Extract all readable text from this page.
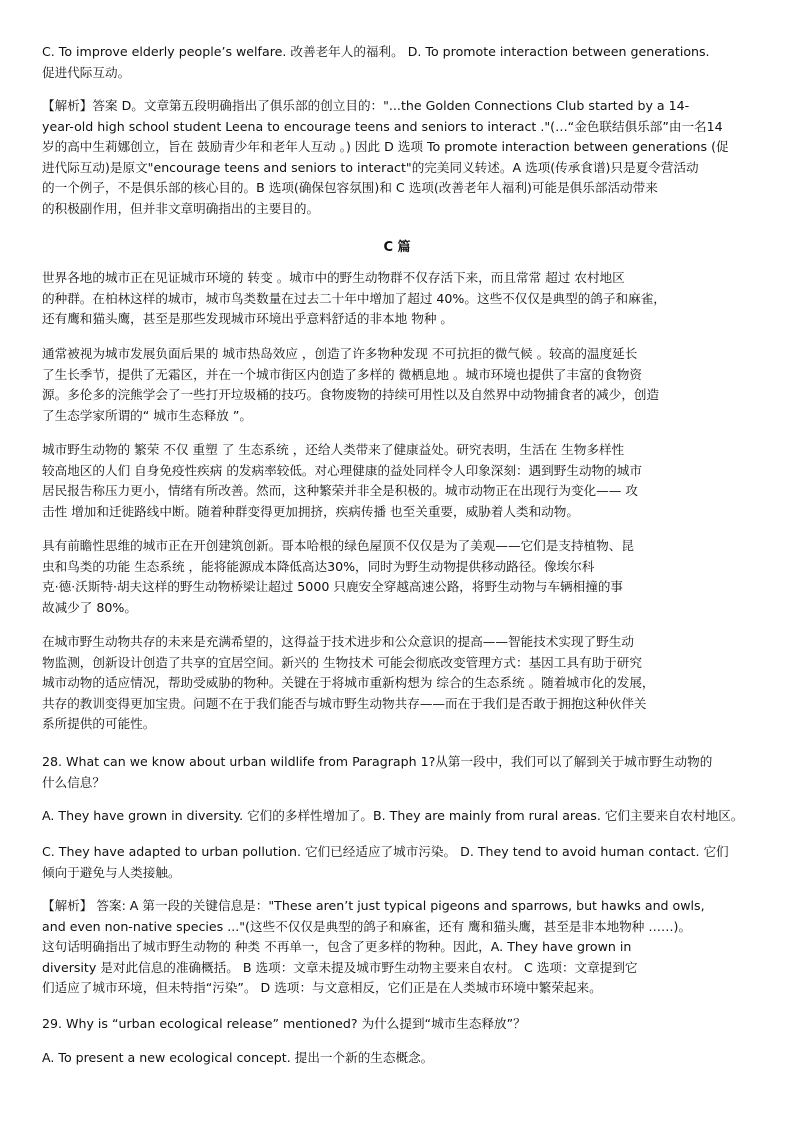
C. To improve elderly people’s welfare. 改善老年人的福利。 D. To promote interaction between generations.
促进代际互动。
【解析】答案 D。文章第五段明确指出了俱乐部的创立目的："...the Golden Connections Club started by a 14-
year-old high school student Leena to encourage teens and seniors to interact ."(…“金色联结俱乐部”由一名14
岁的高中生莉娜创立，旨在 鼓励青少年和老年人互动 。) 因此 D 选项 To promote interaction between generations (促
进代际互动)是原文"encourage teens and seniors to interact"的完美同义转述。A 选项(传承食谱)只是夏令营活动
的一个例子，不是俱乐部的核心目的。B 选项(确保包容氛围)和 C 选项(改善老年人福利)可能是俱乐部活动带来
的积极副作用，但并非文章明确指出的主要目的。
C 篇
世界各地的城市正在见证城市环境的 转变 。城市中的野生动物群不仅存活下来，而且常常 超过 农村地区
的种群。在柏林这样的城市，城市鸟类数量在过去二十年中增加了超过 40%。这些不仅仅是典型的鸽子和麻雀，
还有鹰和猫头鹰，甚至是那些发现城市环境出乎意料舒适的非本地 物种 。
通常被视为城市发展负面后果的 城市热岛效应 ，创造了许多物种发现 不可抗拒的微气候 。较高的温度延长
了生长季节，提供了无霜区，并在一个城市街区内创造了多样的 微栖息地 。城市环境也提供了丰富的食物资
源。多伦多的浣熊学会了一些打开垃圾桶的技巧。食物废物的持续可用性以及自然界中动物捕食者的减少，创造
了生态学家所谓的“ 城市生态释放 ”。
城市野生动物的 繁荣 不仅 重塑 了 生态系统 ，还给人类带来了健康益处。研究表明，生活在 生物多样性
较高地区的人们 自身免疫性疾病 的发病率较低。对心理健康的益处同样令人印象深刻：遇到野生动物的城市
居民报告称压力更小，情绪有所改善。然而，这种繁荣并非全是积极的。城市动物正在出现行为变化—— 攻
击性 增加和迁徙路线中断。随着种群变得更加拥挤，疾病传播 也至关重要，威胁着人类和动物。
具有前瞻性思维的城市正在开创建筑创新。哥本哈根的绿色屋顶不仅仅是为了美观——它们是支持植物、昆
虫和鸟类的功能 生态系统 ，能将能源成本降低高达30%，同时为野生动物提供移动路径。像埃尔科
克·德·沃斯特·胡夫这样的野生动物桥梁让超过 5000 只鹿安全穿越高速公路，将野生动物与车辆相撞的事
故减少了 80%。
在城市野生动物共存的未来是充满希望的，这得益于技术进步和公众意识的提高——智能技术实现了野生动
物监测，创新设计创造了共享的宜居空间。新兴的 生物技术 可能会彻底改变管理方式：基因工具有助于研究
城市动物的适应情况，帮助受威胁的物种。关键在于将城市重新构想为 综合的生态系统 。随着城市化的发展，
共存的教训变得更加宝贵。问题不在于我们能否与城市野生动物共存——而在于我们是否敢于拥抱这种伙伴关
系所提供的可能性。
28. What can we know about urban wildlife from Paragraph 1?从第一段中，我们可以了解到关于城市野生动物的
什么信息？
A. They have grown in diversity. 它们的多样性增加了。B. They are mainly from rural areas. 它们主要来自农村地区。
C. They have adapted to urban pollution. 它们已经适应了城市污染。 D. They tend to avoid human contact. 它们
倾向于避免与人类接触。
【解析】 答案: A 第一段的关键信息是："These aren’t just typical pigeons and sparrows, but hawks and owls,
and even non-native species ..."(这些不仅仅是典型的鸽子和麻雀，还有 鹰和猫头鹰，甚至是非本地物种 ……)。
这句话明确指出了城市野生动物的 种类 不再单一，包含了更多样的物种。因此，A. They have grown in
diversity 是对此信息的准确概括。 B 选项：文章未提及城市野生动物主要来自农村。 C 选项：文章提到它
们适应了城市环境，但未特指“污染”。 D 选项：与文意相反，它们正是在人类城市环境中繁荣起来。
29. Why is “urban ecological release” mentioned? 为什么提到“城市生态释放”？
A. To present a new ecological concept. 提出一个新的生态概念。
